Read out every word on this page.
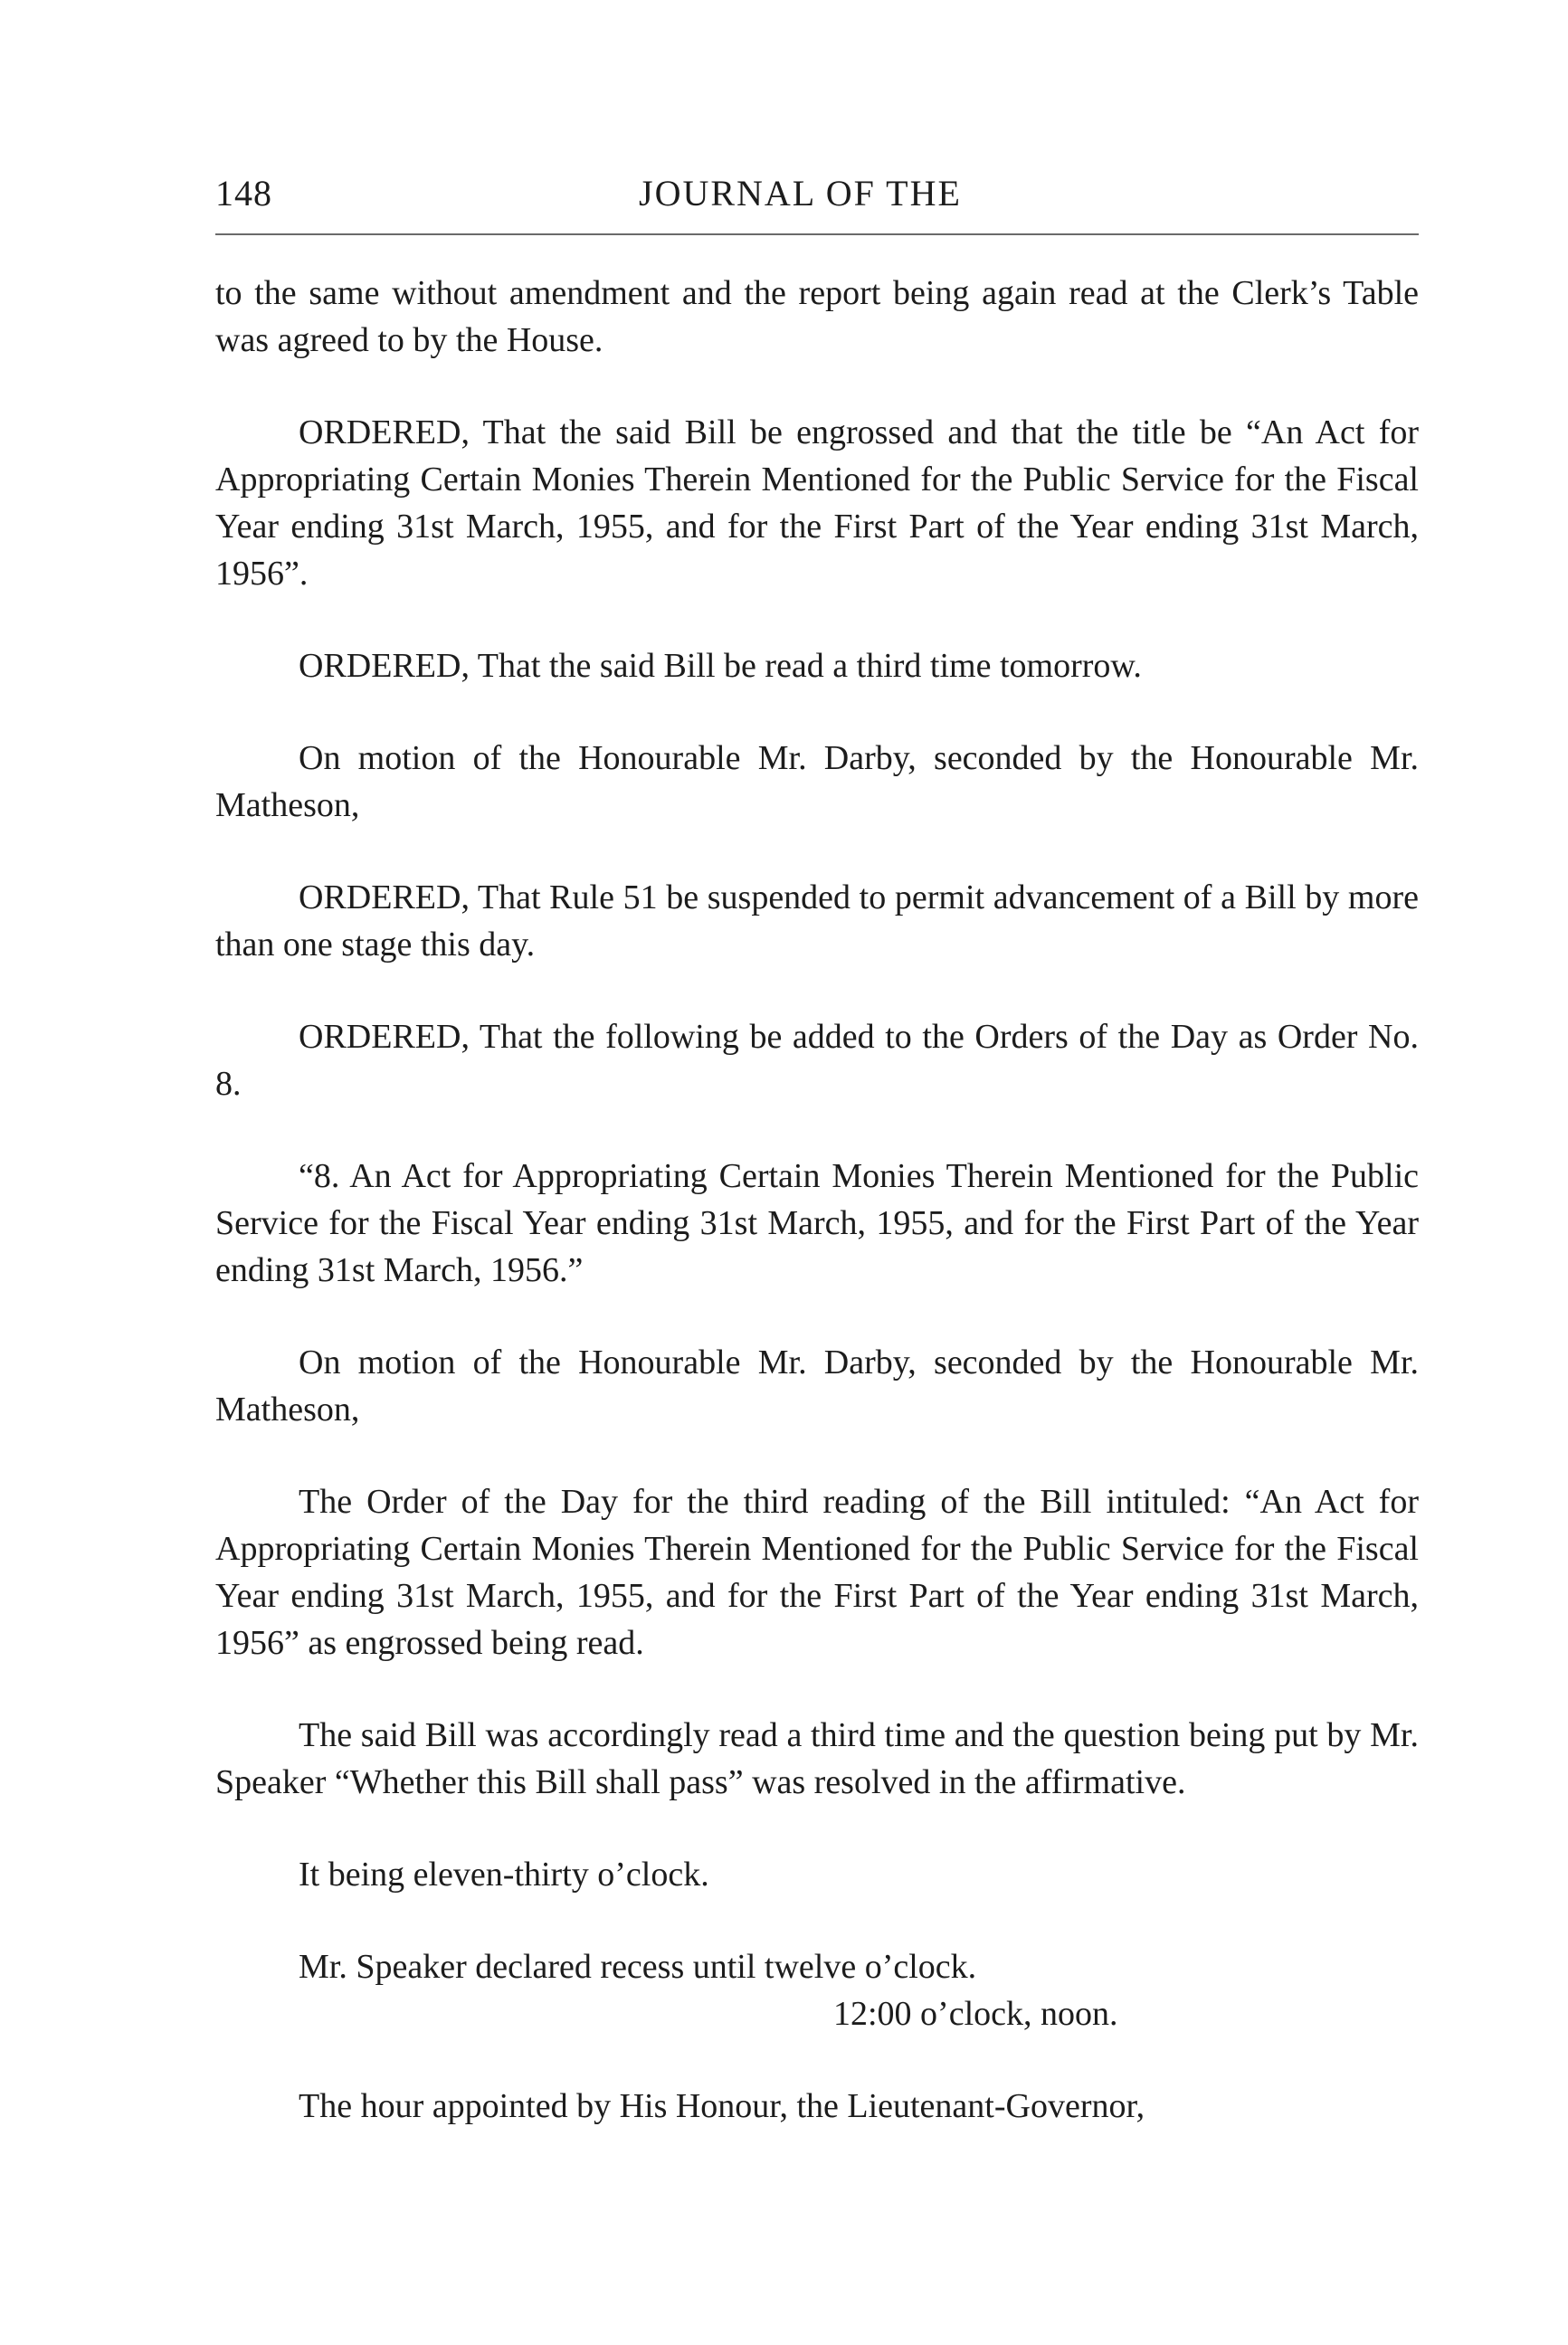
148	JOURNAL OF THE

to the same without amendment and the report being again read at the Clerk’s Table was agreed to by the House.

ORDERED, That the said Bill be engrossed and that the title be “An Act for Appropriating Certain Monies Therein Mentioned for the Public Service for the Fiscal Year ending 31st March, 1955, and for the First Part of the Year ending 31st March, 1956”.

ORDERED, That the said Bill be read a third time tomorrow.

On motion of the Honourable Mr. Darby, seconded by the Honourable Mr. Matheson,

ORDERED, That Rule 51 be suspended to permit advancement of a Bill by more than one stage this day.

ORDERED, That the following be added to the Orders of the Day as Order No. 8.

“8. An Act for Appropriating Certain Monies Therein Mentioned for the Public Service for the Fiscal Year ending 31st March, 1955, and for the First Part of the Year ending 31st March, 1956.”

On motion of the Honourable Mr. Darby, seconded by the Honourable Mr. Matheson,

The Order of the Day for the third reading of the Bill intituled: “An Act for Appropriating Certain Monies Therein Mentioned for the Public Service for the Fiscal Year ending 31st March, 1955, and for the First Part of the Year ending 31st March, 1956” as engrossed being read.

The said Bill was accordingly read a third time and the question being put by Mr. Speaker “Whether this Bill shall pass” was resolved in the affirmative.

It being eleven-thirty o’clock.

Mr. Speaker declared recess until twelve o’clock.

12:00 o’clock, noon.

The hour appointed by His Honour, the Lieutenant-Governor,
